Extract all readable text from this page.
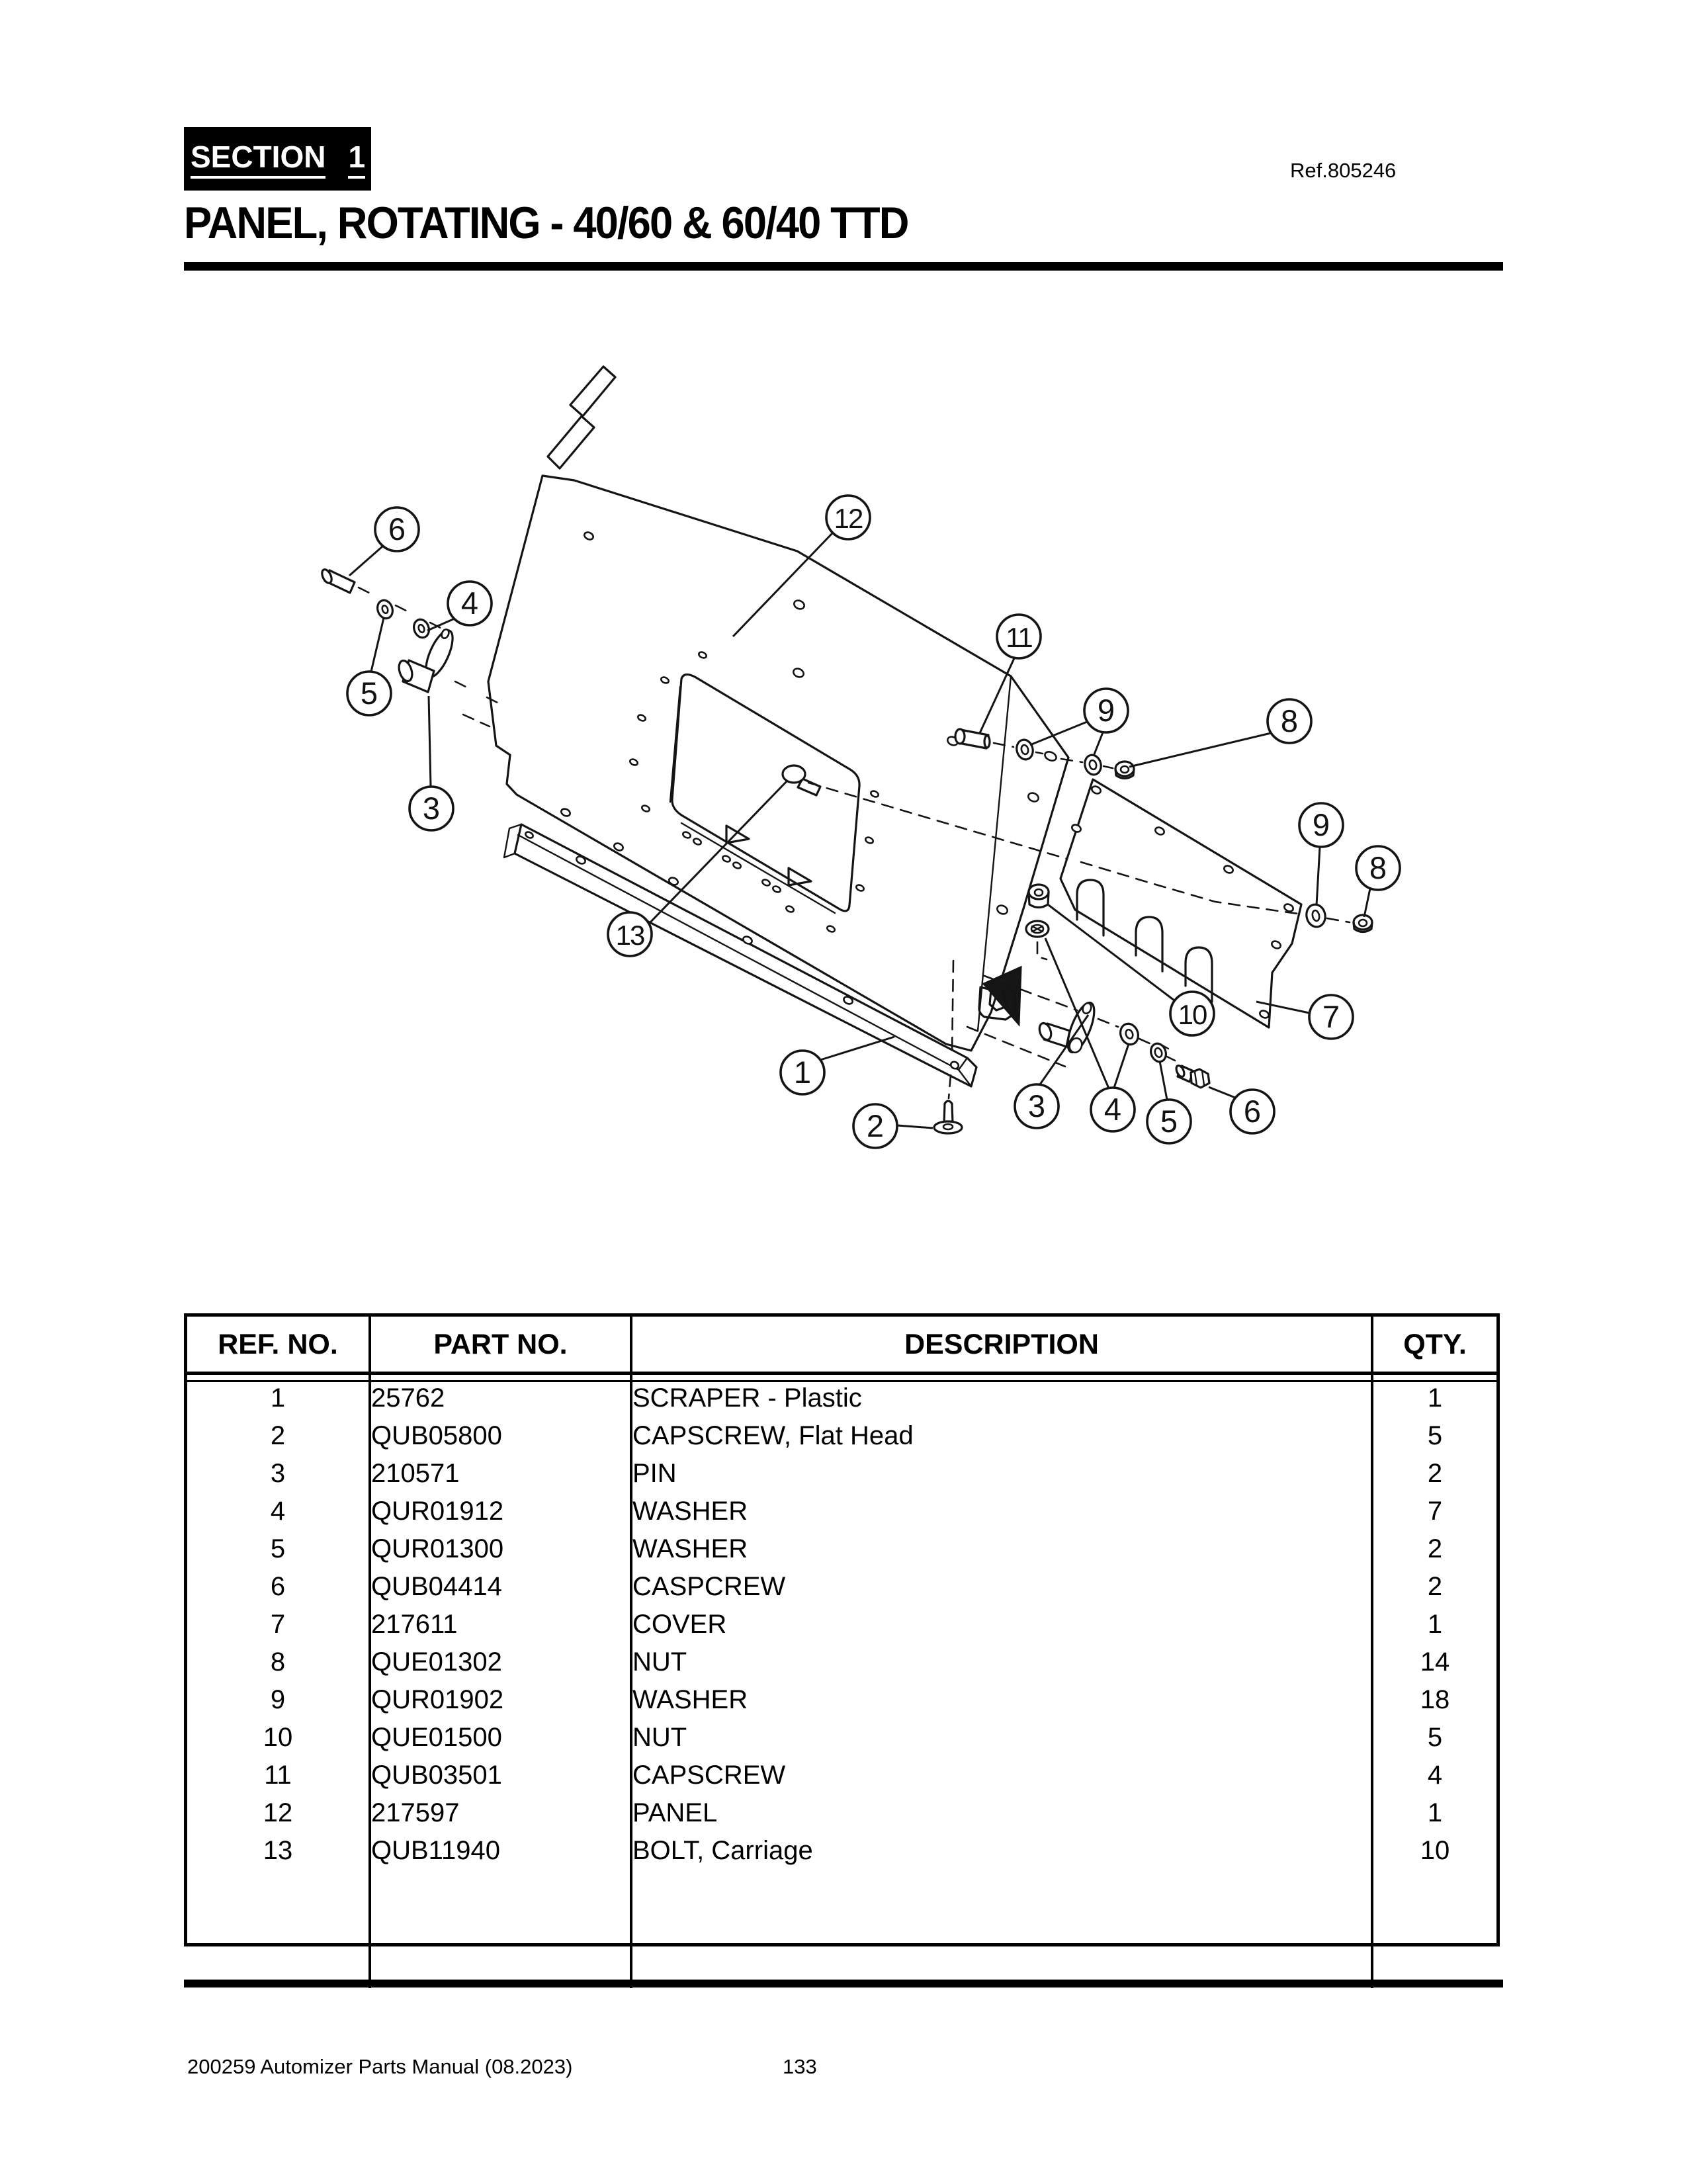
SECTION 1	Ref.805246
PANEL, ROTATING - 40/60 & 60/40 TTD
6
4
5
3
12
11
9	8
9
8
13
10	7
1
2
3 4 5 6
REF. NO.	PART NO.	DESCRIPTION	QTY.
1	25762	SCRAPER - Plastic	1
2	QUB05800	CAPSCREW, Flat Head	5
3	210571	PIN	2
4	QUR01912	WASHER	7
5	QUR01300	WASHER	2
6	QUB04414	CASPCREW	2
7	217611	COVER	1
8	QUE01302	NUT	14
9	QUR01902	WASHER	18
10	QUE01500	NUT	5
11	QUB03501	CAPSCREW	4
12	217597	PANEL	1
13	QUB11940	BOLT, Carriage	10
200259 Automizer Parts Manual (08.2023)	133
